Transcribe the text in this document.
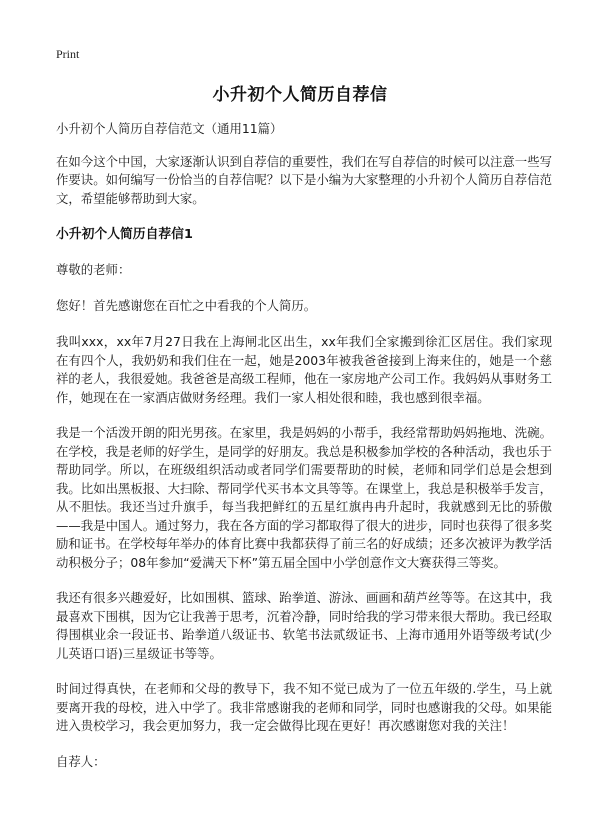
Print
小升初个人简历自荐信

小升初个人简历自荐信范文（通用11篇）

在如今这个中国，大家逐渐认识到自荐信的重要性，我们在写自荐信的时候可以注意一些写作要诀。如何编写一份恰当的自荐信呢？以下是小编为大家整理的小升初个人简历自荐信范文，希望能够帮助到大家。

小升初个人简历自荐信1

尊敬的老师：

您好！首先感谢您在百忙之中看我的个人简历。

我叫xxx，xx年7月27日我在上海闸北区出生，xx年我们全家搬到徐汇区居住。我们家现在有四个人，我奶奶和我们住在一起，她是2003年被我爸爸接到上海来住的，她是一个慈祥的老人，我很爱她。我爸爸是高级工程师，他在一家房地产公司工作。我妈妈从事财务工作，她现在在一家酒店做财务经理。我们一家人相处很和睦，我也感到很幸福。

我是一个活泼开朗的阳光男孩。在家里，我是妈妈的小帮手，我经常帮助妈妈拖地、洗碗。在学校，我是老师的好学生，是同学的好朋友。我总是积极参加学校的各种活动，我也乐于帮助同学。所以，在班级组织活动或者同学们需要帮助的时候，老师和同学们总是会想到我。比如出黑板报、大扫除、帮同学代买书本文具等等。在课堂上，我总是积极举手发言，从不胆怯。我还当过升旗手，每当我把鲜红的五星红旗冉冉升起时，我就感到无比的骄傲——我是中国人。通过努力，我在各方面的学习都取得了很大的进步，同时也获得了很多奖励和证书。在学校每年举办的体育比赛中我都获得了前三名的好成绩；还多次被评为教学活动积极分子；08年参加“爱满天下杯”第五届全国中小学创意作文大赛获得三等奖。

我还有很多兴趣爱好，比如围棋、篮球、跆拳道、游泳、画画和葫芦丝等等。在这其中，我最喜欢下围棋，因为它让我善于思考，沉着冷静，同时给我的学习带来很大帮助。我已经取得围棋业余一段证书、跆拳道八级证书、软笔书法贰级证书、上海市通用外语等级考试(少儿英语口语)三星级证书等等。

时间过得真快，在老师和父母的教导下，我不知不觉已成为了一位五年级的.学生，马上就要离开我的母校，进入中学了。我非常感谢我的老师和同学，同时也感谢我的父母。如果能进入贵校学习，我会更加努力，我一定会做得比现在更好！再次感谢您对我的关注！

自荐人：
